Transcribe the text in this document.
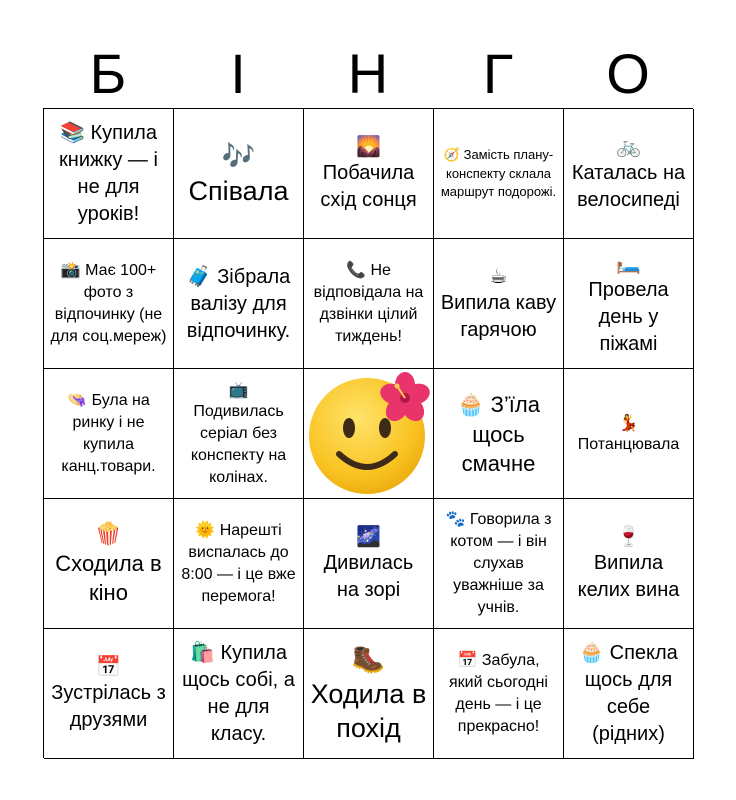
Б	І	Н	Г	О
📚 Купила книжку — і не для уроків!
🎶
Співала
🌄
Побачила схід сонця
🧭 Замість плану-конспекту склала маршрут подорожі.
🚲
Каталась на велосипеді
📸 Має 100+ фото з відпочинку (не для соц.мереж)
🧳 Зібрала валізу для відпочинку.
📞 Не відповідала на дзвінки цілий тиждень!
☕
Випила каву гарячою
🛏️
Провела день у піжамі
👒 Була на ринку і не купила канц.товари.
📺
Подивилась серіал без конспекту на колінах.
🧁 З’їла щось смачне
💃
Потанцювала
🍿
Сходила в кіно
🌞 Нарешті виспалась до 8:00 — і це вже перемога!
🌌
Дивилась на зорі
🐾 Говорила з котом — і він слухав уважніше за учнів.
🍷
Випила келих вина
📅
Зустрілась з друзями
🛍️ Купила щось собі, а не для класу.
🥾
Ходила в похід
📅 Забула, який сьогодні день — і це прекрасно!
🧁 Спекла щось для себе (рідних)
